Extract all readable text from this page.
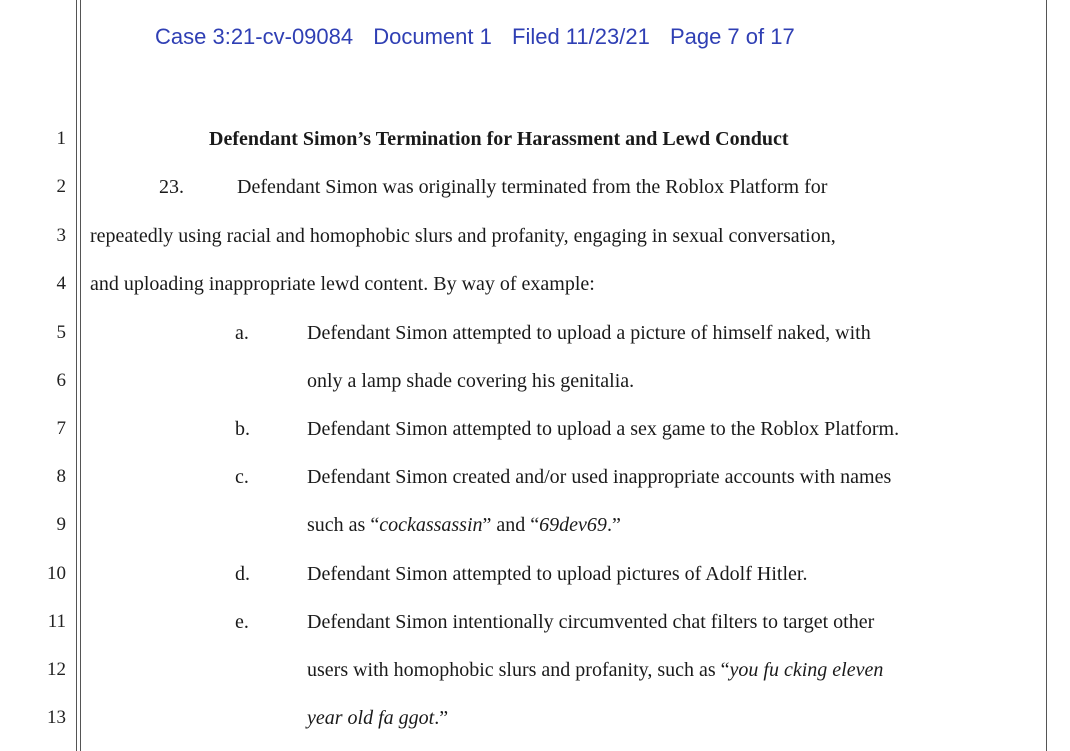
Case 3:21-cv-09084 Document 1 Filed 11/23/21 Page 7 of 17
1
2
3
4
5
6
7
8
9
10
11
12
13
Defendant Simon’s Termination for Harassment and Lewd Conduct
23.	Defendant Simon was originally terminated from the Roblox Platform for
repeatedly using racial and homophobic slurs and profanity, engaging in sexual conversation,
and uploading inappropriate lewd content. By way of example:
a.	Defendant Simon attempted to upload a picture of himself naked, with
only a lamp shade covering his genitalia.
b.	Defendant Simon attempted to upload a sex game to the Roblox Platform.
c.	Defendant Simon created and/or used inappropriate accounts with names
such as “cockassassin” and “69dev69.”
d.	Defendant Simon attempted to upload pictures of Adolf Hitler.
e.	Defendant Simon intentionally circumvented chat filters to target other
users with homophobic slurs and profanity, such as “you fu cking eleven
year old fa ggot.”
